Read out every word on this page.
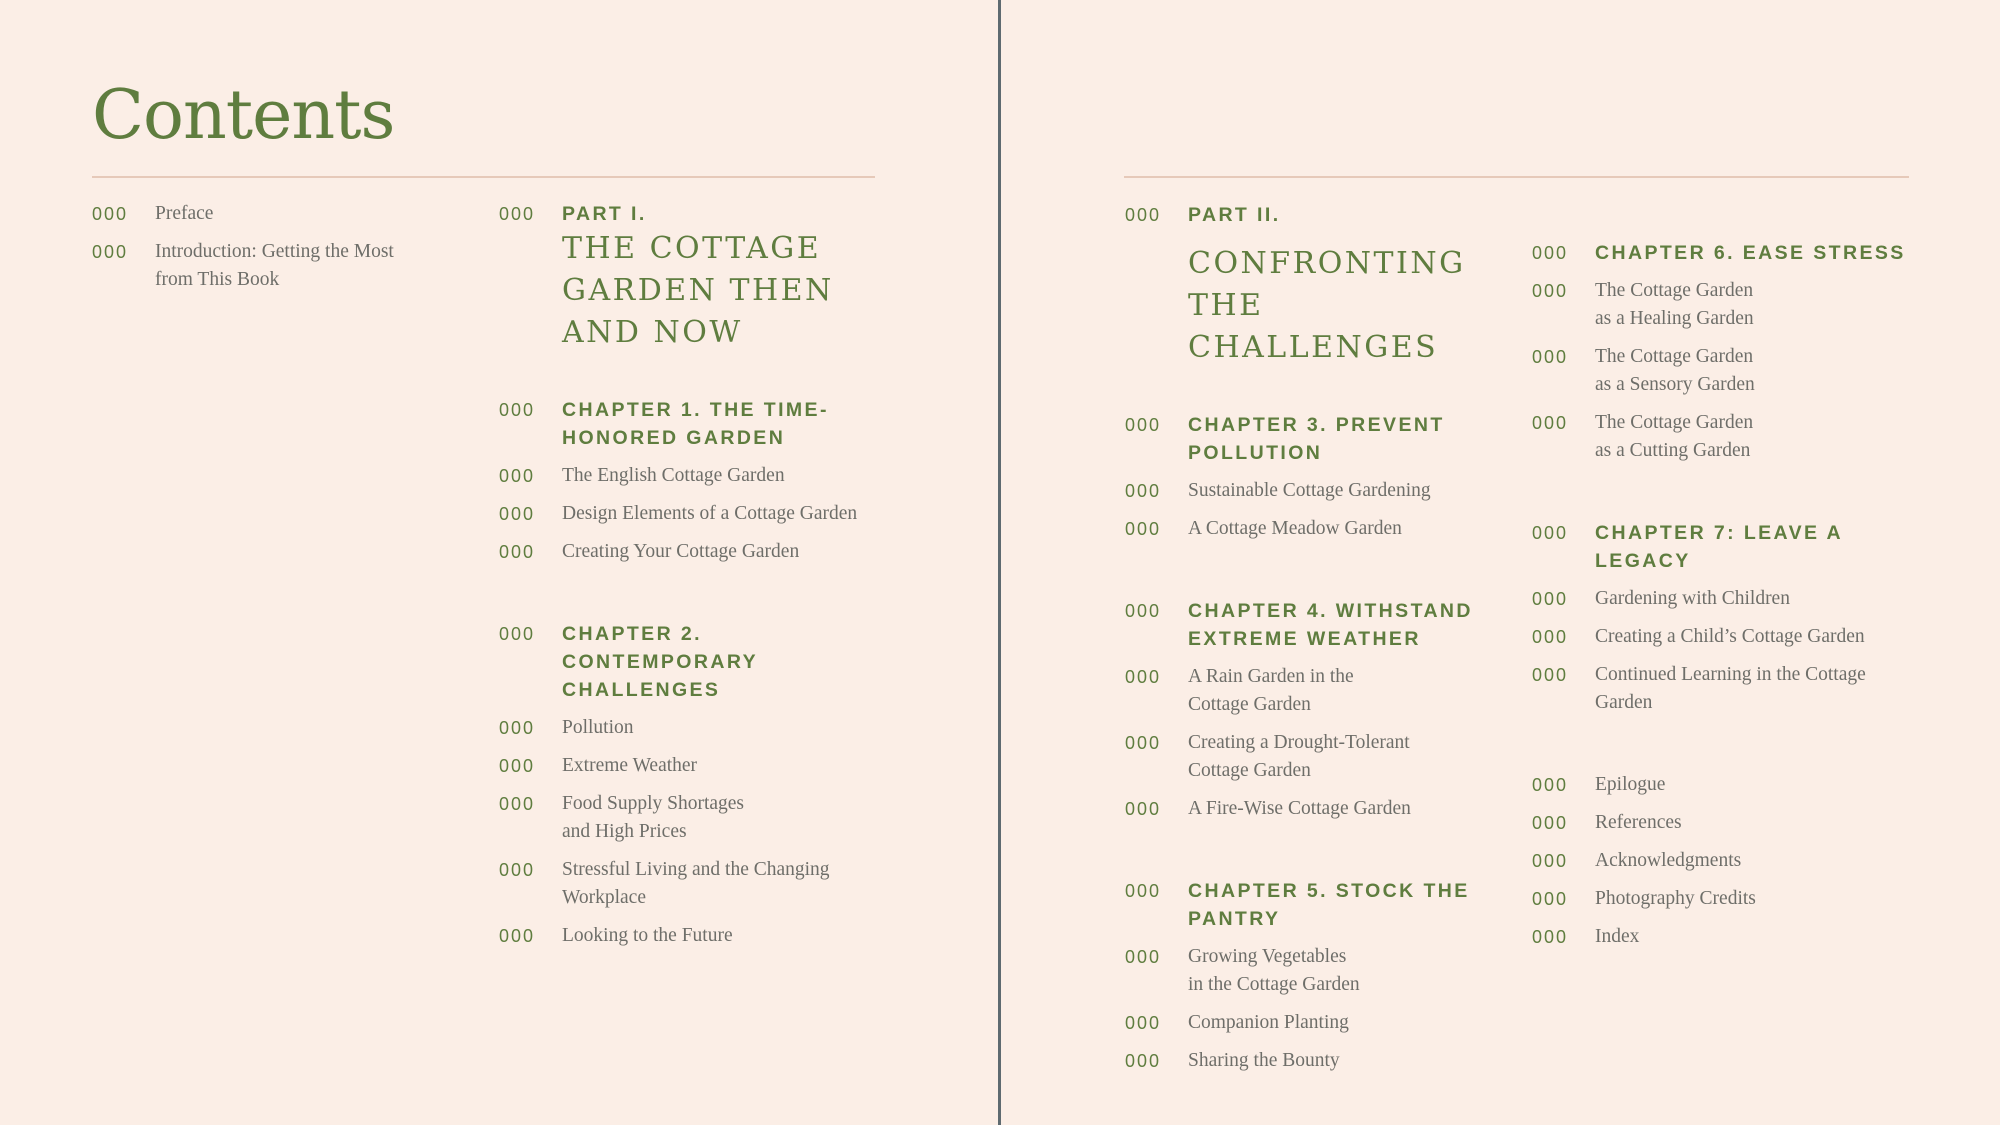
Contents
000	Preface
000	Introduction: Getting the Most
from This Book
000	PART I.
THE COTTAGE
GARDEN THEN
AND NOW
000	CHAPTER 1. THE TIME-
HONORED GARDEN
000	The English Cottage Garden
000	Design Elements of a Cottage Garden
000	Creating Your Cottage Garden
000	CHAPTER 2.
CONTEMPORARY
CHALLENGES
000	Pollution
000	Extreme Weather
000	Food Supply Shortages
and High Prices
000	Stressful Living and the Changing
Workplace
000	Looking to the Future
000	PART II.
CONFRONTING
THE CHALLENGES
000	CHAPTER 3. PREVENT
POLLUTION
000	Sustainable Cottage Gardening
000	A Cottage Meadow Garden
000	CHAPTER 4. WITHSTAND
EXTREME WEATHER
000	A Rain Garden in the
Cottage Garden
000	Creating a Drought-Tolerant
Cottage Garden
000	A Fire-Wise Cottage Garden
000	CHAPTER 5. STOCK THE
PANTRY
000	Growing Vegetables
in the Cottage Garden
000	Companion Planting
000	Sharing the Bounty
000	CHAPTER 6. EASE STRESS
000	The Cottage Garden
as a Healing Garden
000	The Cottage Garden
as a Sensory Garden
000	The Cottage Garden
as a Cutting Garden
000	CHAPTER 7: LEAVE A
LEGACY
000	Gardening with Children
000	Creating a Child’s Cottage Garden
000	Continued Learning in the Cottage
Garden
000	Epilogue
000	References
000	Acknowledgments
000	Photography Credits
000	Index
